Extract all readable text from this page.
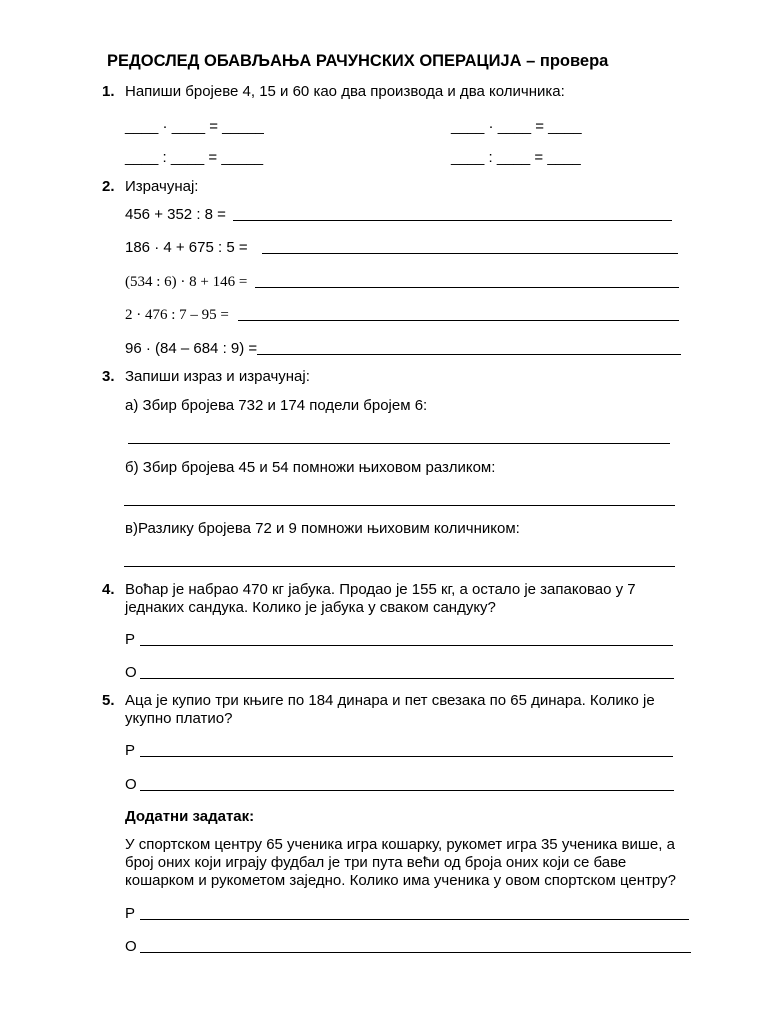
РЕДОСЛЕД ОБАВЉАЊА РАЧУНСКИХ ОПЕРАЦИЈА – провера
1. Напиши бројеве 4, 15 и 60 као два производа и два количника:
____ · ____ = _____	____ · ____ = ____
____ : ____ = _____	____ : ____ = ____
2. Израчунај:
456 + 352 : 8 =
186 · 4 + 675 : 5 =
(534 : 6) · 8 + 146 =
2 · 476 : 7 – 95 =
96 · (84 – 684 : 9) =
3. Запиши израз и израчунај:
а) Збир бројева 732 и 174 подели бројем 6:
б) Збир бројева 45 и 54 помножи њиховом разликом:
в)Разлику бројева 72 и 9 помножи њиховим количником:
4. Воћар је набрао 470 кг јабука. Продао је 155 кг, а остало је запаковао у 7
једнаких сандука. Колико је јабука у сваком сандуку?
Р
О
5. Аца је купио три књиге по 184 динара и пет свезака по 65 динара. Колико је
укупно платио?
Р
О
Додатни задатак:
У спортском центру 65 ученика игра кошарку, рукомет игра 35 ученика више, а
број оних који играју фудбал је три пута већи од броја оних који се баве
кошарком и рукометом заједно. Колико има ученика у овом спортском центру?
Р
О
